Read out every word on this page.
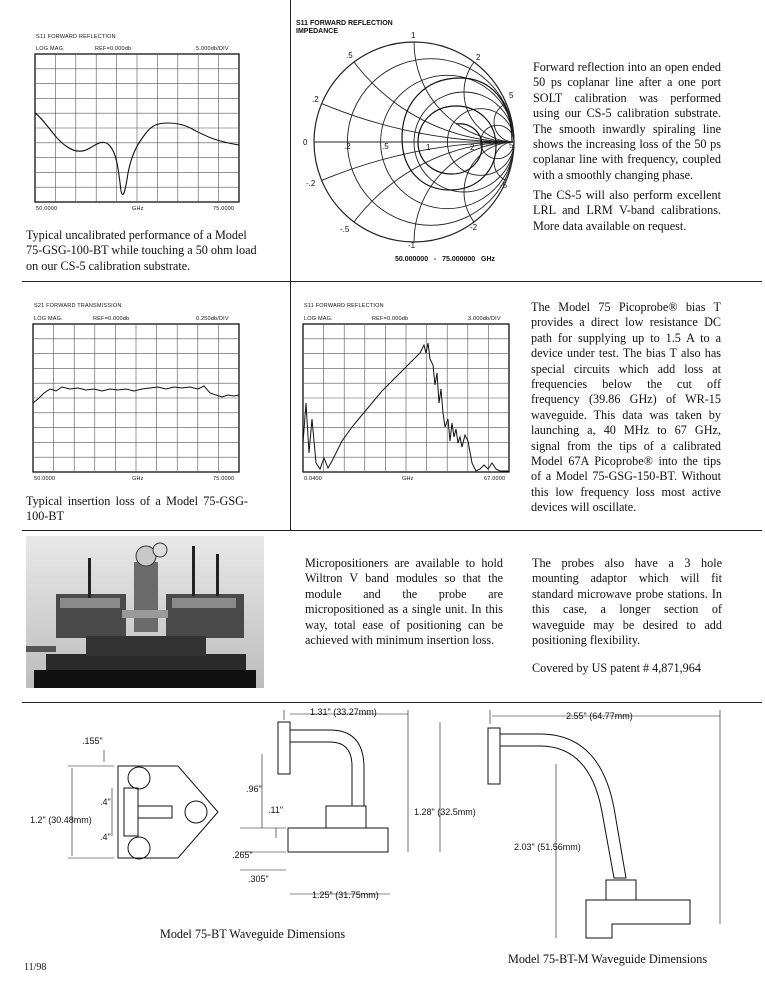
S11 FORWARD REFLECTION
LOG MAG.	REF=0.000db	5.000db/DIV
50.0000	GHz	75.0000
Typical uncalibrated performance of a Model 75-GSG-100-BT while touching a 50 ohm load on our CS-5 calibration substrate.
S11 FORWARD REFLECTION
IMPEDANCE	1
.5	2
.2	5
0	.2	.5	1	2	5
-.2	-5
-.5	-2
-1
50.000000   -   75.000000   GHz
Forward reflection into an open ended 50 ps coplanar line after a one port SOLT calibration was performed using our CS-5 calibration substrate. The smooth inwardly spiraling line shows the increasing loss of the 50 ps coplanar line with frequency, coupled with a smoothly changing phase.
The CS-5 will also perform excellent LRL and LRM V-band calibrations. More data available on request.
S21 FORWARD TRANSMISSION
LOG MAG.	REF=0.000db	0.250db/DIV
50.0000	GHz	75.0000
Typical insertion loss of a Model 75-GSG-100-BT
S11 FORWARD REFLECTION
LOG MAG.	REF=0.000db	3.000db/DIV
0.0400	GHz	67.0000
The Model 75 Picoprobe® bias T provides a direct low resistance DC path for supplying up to 1.5 A to a device under test. The bias T also has special circuits which add loss at frequencies below the cut off frequency (39.86 GHz) of WR-15 waveguide. This data was taken by launching a, 40 MHz to 67 GHz, signal from the tips of a calibrated Model 67A Picoprobe® into the tips of a Model 75-GSG-150-BT. Without this low frequency loss most active devices will oscillate.
Micropositioners are available to hold Wiltron V band modules so that the module and the probe are micropositioned as a single unit. In this way, total ease of positioning can be achieved with minimum insertion loss.
The probes also have a 3 hole mounting adaptor which will fit standard microwave probe stations. In this case, a longer section of waveguide may be desired to add positioning flexibility.
Covered by US patent # 4,871,964
.155"
.4"
.4"
1.2" (30.48mm)
1.31" (33.27mm)
.96"
.11"	1.28" (32.5mm)
.265"
.305"
1.25" (31.75mm)
2.55" (64.77mm)
2.03" (51.56mm)
Model 75-BT Waveguide Dimensions
Model 75-BT-M Waveguide Dimensions
11/98
